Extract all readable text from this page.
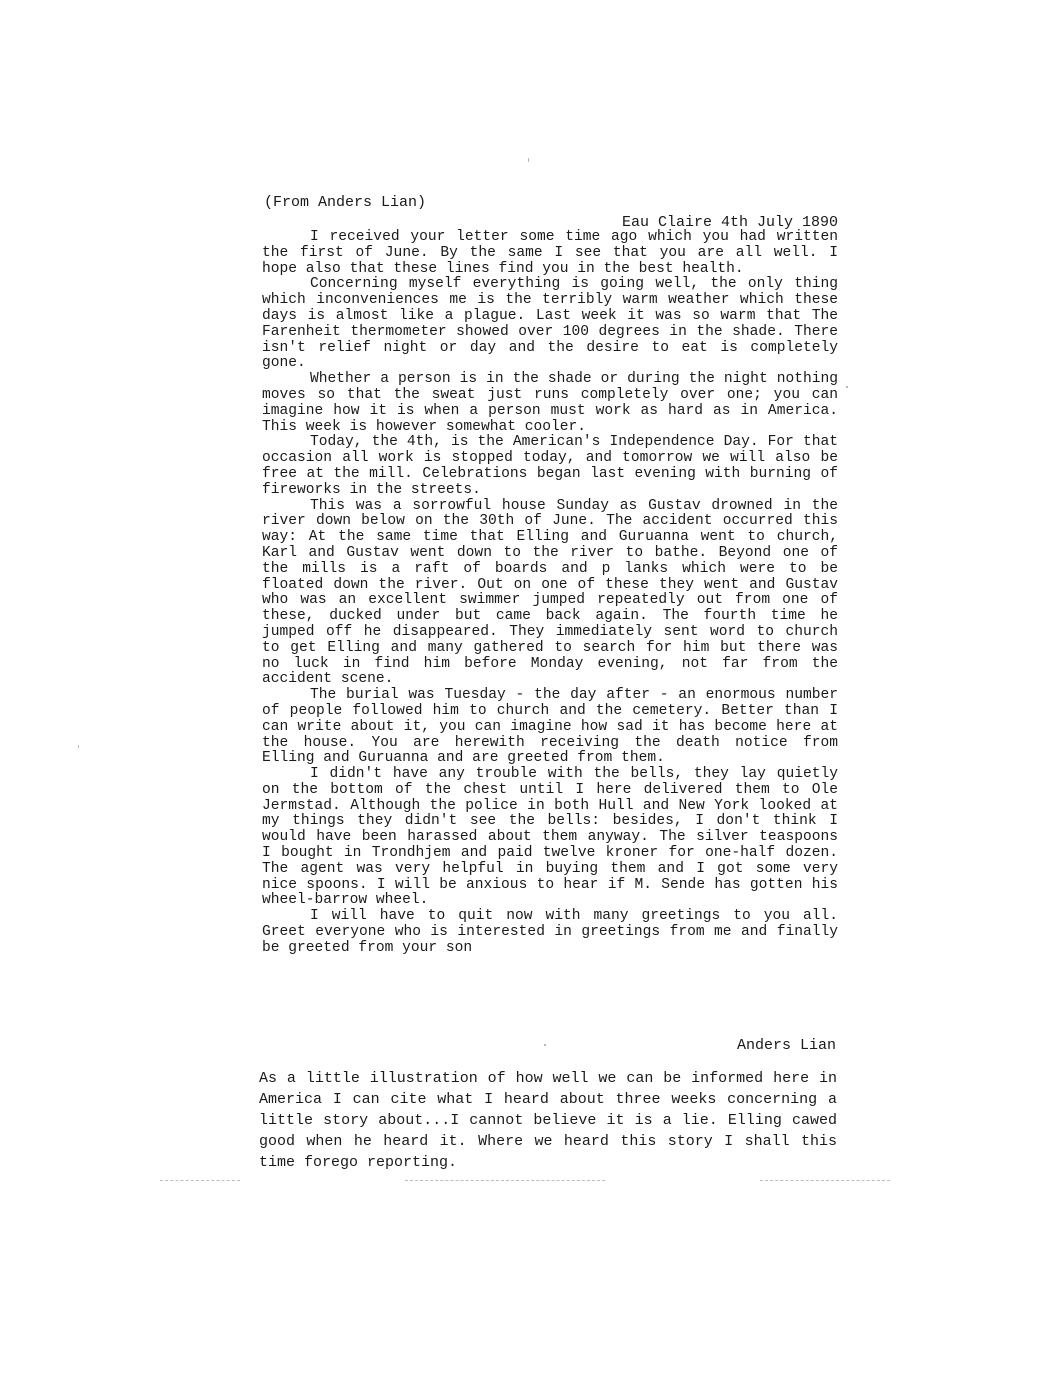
(From Anders Lian)
Eau Claire 4th July 1890

I received your letter some time ago which you had written the first of June. By the same I see that you are all well. I hope also that these lines find you in the best health.

Concerning myself everything is going well, the only thing which inconveniences me is the terribly warm weather which these days is almost like a plague. Last week it was so warm that The Farenheit thermometer showed over 100 degrees in the shade. There isn't relief night or day and the desire to eat is completely gone.

Whether a person is in the shade or during the night nothing moves so that the sweat just runs completely over one; you can imagine how it is when a person must work as hard as in America. This week is however somewhat cooler.

Today, the 4th, is the American's Independence Day. For that occasion all work is stopped today, and tomorrow we will also be free at the mill. Celebrations began last evening with burning of fireworks in the streets.

This was a sorrowful house Sunday as Gustav drowned in the river down below on the 30th of June. The accident occurred this way: At the same time that Elling and Guruanna went to church, Karl and Gustav went down to the river to bathe. Beyond one of the mills is a raft of boards and p lanks which were to be floated down the river. Out on one of these they went and Gustav who was an excellent swimmer jumped repeatedly out from one of these, ducked under but came back again. The fourth time he jumped off he disappeared. They immediately sent word to church to get Elling and many gathered to search for him but there was no luck in find him before Monday evening, not far from the accident scene.

The burial was Tuesday - the day after - an enormous number of people followed him to church and the cemetery. Better than I can write about it, you can imagine how sad it has become here at the house. You are herewith receiving the death notice from Elling and Guruanna and are greeted from them.

I didn't have any trouble with the bells, they lay quietly on the bottom of the chest until I here delivered them to Ole Jermstad. Although the police in both Hull and New York looked at my things they didn't see the bells: besides, I don't think I would have been harassed about them anyway. The silver teaspoons I bought in Trondhjem and paid twelve kroner for one-half dozen. The agent was very helpful in buying them and I got some very nice spoons. I will be anxious to hear if M. Sende has gotten his wheel-barrow wheel.

I will have to quit now with many greetings to you all. Greet everyone who is interested in greetings from me and finally be greeted from your son

Anders Lian

As a little illustration of how well we can be informed here in America I can cite what I heard about three weeks concerning a little story about...I cannot believe it is a lie. Elling cawed good when he heard it. Where we heard this story I shall this time forego reporting.
